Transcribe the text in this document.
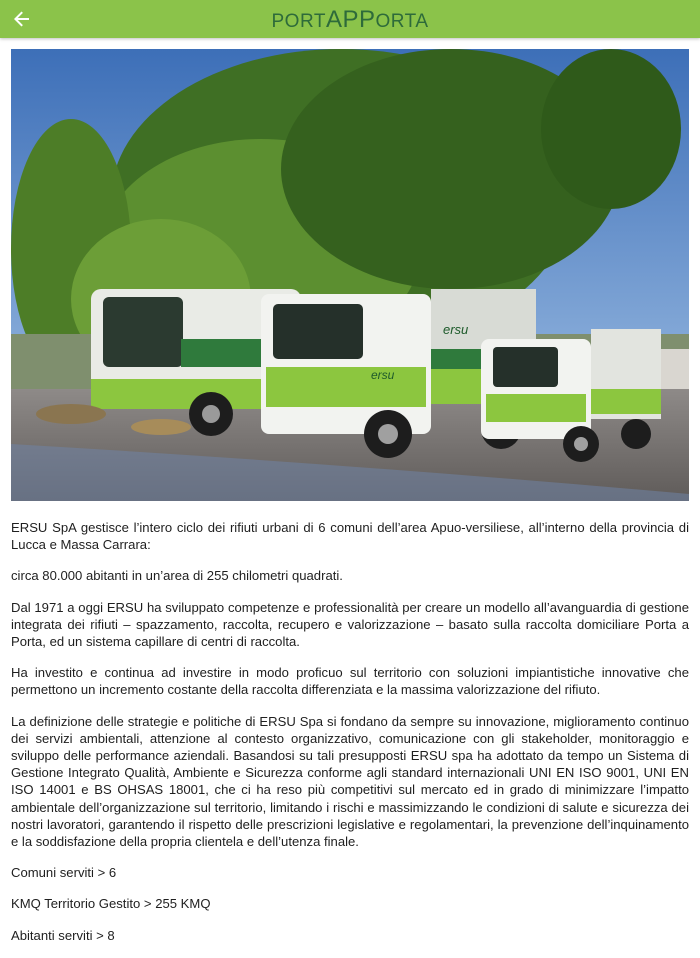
PORTAPPORTA
ersu
ersu

ERSU SpA gestisce l’intero ciclo dei rifiuti urbani di 6 comuni dell’area Apuo-versiliese, all’interno della provincia di Lucca e Massa Carrara:

circa 80.000 abitanti in un’area di 255 chilometri quadrati.

Dal 1971 a oggi ERSU ha sviluppato competenze e professionalità per creare un modello all’avanguardia di gestione integrata dei rifiuti – spazzamento, raccolta, recupero e valorizzazione – basato sulla raccolta domiciliare Porta a Porta, ed un sistema capillare di centri di raccolta.

Ha investito e continua ad investire in modo proficuo sul territorio con soluzioni impiantistiche innovative che permettono un incremento costante della raccolta differenziata e la massima valorizzazione del rifiuto.

La definizione delle strategie e politiche di ERSU Spa si fondano da sempre su innovazione, miglioramento continuo dei servizi ambientali, attenzione al contesto organizzativo, comunicazione con gli stakeholder, monitoraggio e sviluppo delle performance aziendali. Basandosi su tali presupposti ERSU spa ha adottato da tempo un Sistema di Gestione Integrato Qualità, Ambiente e Sicurezza conforme agli standard internazionali UNI EN ISO 9001, UNI EN ISO 14001 e BS OHSAS 18001, che ci ha reso più competitivi sul mercato ed in grado di minimizzare l’impatto ambientale dell’organizzazione sul territorio, limitando i rischi e massimizzando le condizioni di salute e sicurezza dei nostri lavoratori, garantendo il rispetto delle prescrizioni legislative e regolamentari, la prevenzione dell’inquinamento e la soddisfazione della propria clientela e dell’utenza finale.

Comuni serviti > 6

KMQ Territorio Gestito > 255 KMQ

Abitanti serviti > 8
